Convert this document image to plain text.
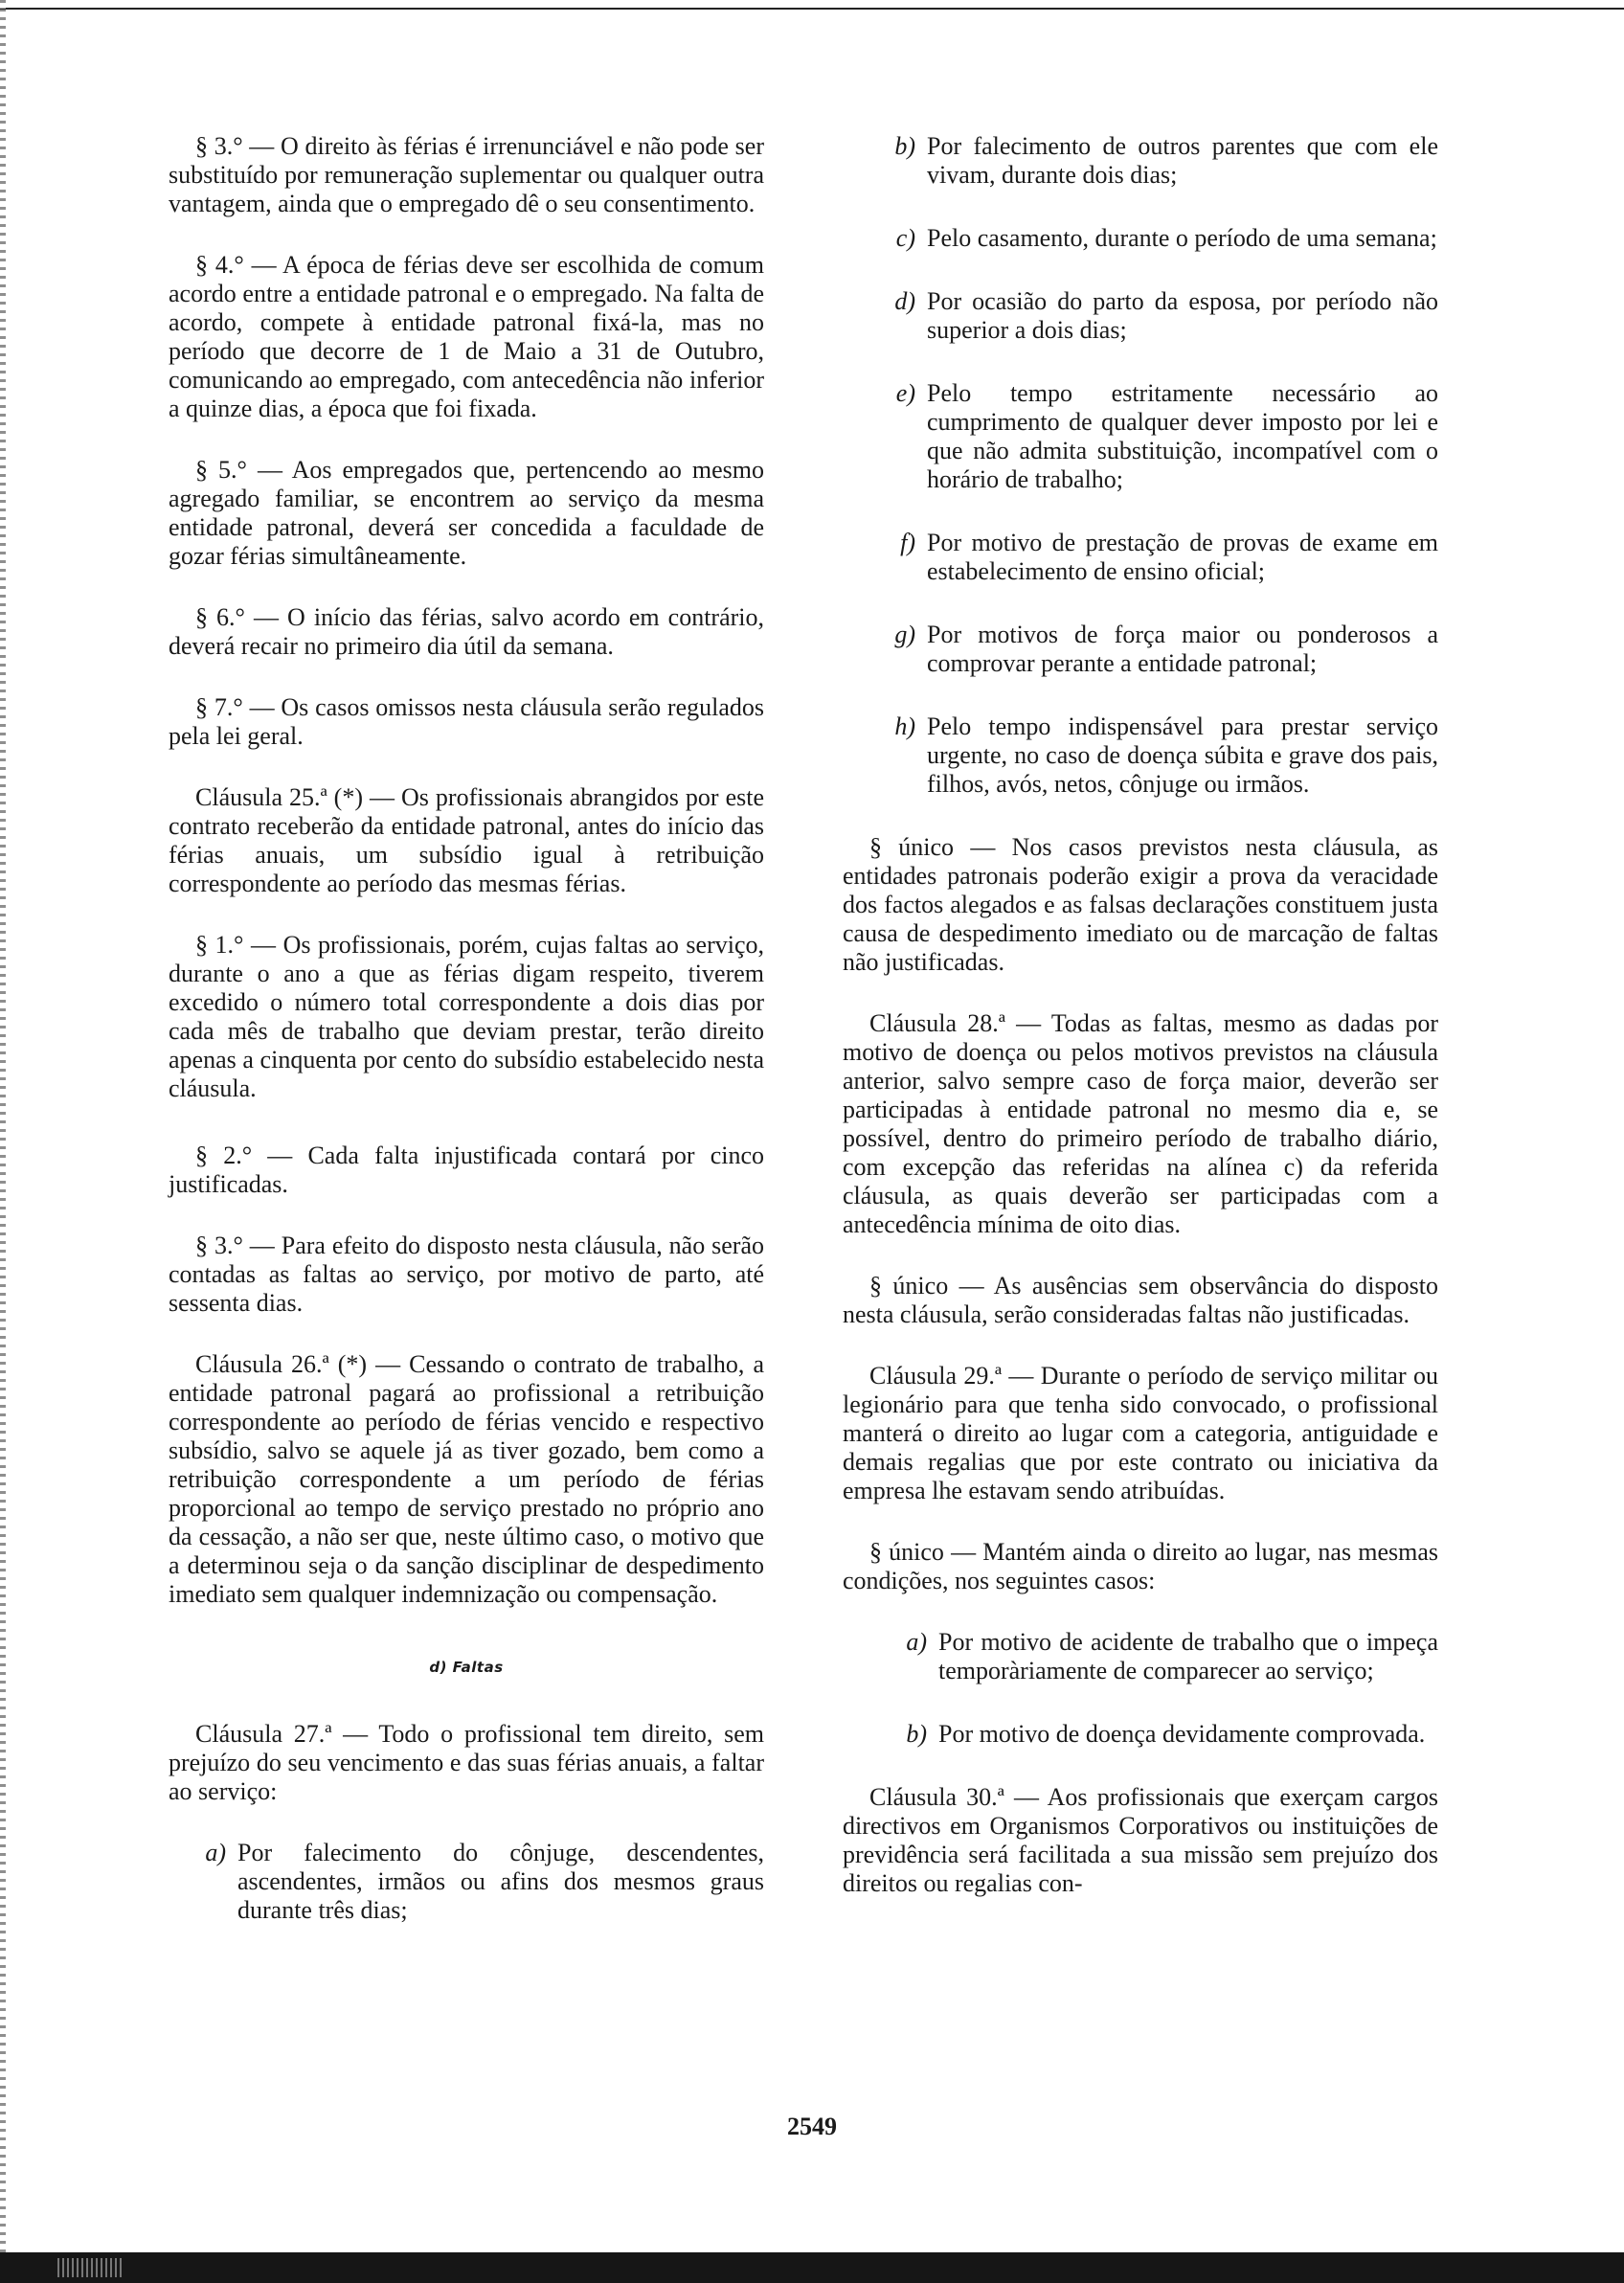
§ 3.° — O direito às férias é irrenunciável e não pode ser substituído por remuneração suplementar ou qualquer outra vantagem, ainda que o empregado dê o seu consentimento.

§ 4.° — A época de férias deve ser escolhida de comum acordo entre a entidade patronal e o empregado. Na falta de acordo, compete à entidade patronal fixá-la, mas no período que decorre de 1 de Maio a 31 de Outubro, comunicando ao empregado, com antecedência não inferior a quinze dias, a época que foi fixada.

§ 5.° — Aos empregados que, pertencendo ao mesmo agregado familiar, se encontrem ao serviço da mesma entidade patronal, deverá ser concedida a faculdade de gozar férias simultâneamente.

§ 6.° — O início das férias, salvo acordo em contrário, deverá recair no primeiro dia útil da semana.

§ 7.° — Os casos omissos nesta cláusula serão regulados pela lei geral.

Cláusula 25.ª (*) — Os profissionais abrangidos por este contrato receberão da entidade patronal, antes do início das férias anuais, um subsídio igual à retribuição correspondente ao período das mesmas férias.

§ 1.° — Os profissionais, porém, cujas faltas ao serviço, durante o ano a que as férias digam respeito, tiverem excedido o número total correspondente a dois dias por cada mês de trabalho que deviam prestar, terão direito apenas a cinquenta por cento do subsídio estabelecido nesta cláusula.

§ 2.° — Cada falta injustificada contará por cinco justificadas.

§ 3.° — Para efeito do disposto nesta cláusula, não serão contadas as faltas ao serviço, por motivo de parto, até sessenta dias.

Cláusula 26.ª (*) — Cessando o contrato de trabalho, a entidade patronal pagará ao profissional a retribuição correspondente ao período de férias vencido e respectivo subsídio, salvo se aquele já as tiver gozado, bem como a retribuição correspondente a um período de férias proporcional ao tempo de serviço prestado no próprio ano da cessação, a não ser que, neste último caso, o motivo que a determinou seja o da sanção disciplinar de despedimento imediato sem qualquer indemnização ou compensação.

d) Faltas

Cláusula 27.ª — Todo o profissional tem direito, sem prejuízo do seu vencimento e das suas férias anuais, a faltar ao serviço:

a) Por falecimento do cônjuge, descendentes, ascendentes, irmãos ou afins dos mesmos graus durante três dias;
b) Por falecimento de outros parentes que com ele vivam, durante dois dias;
c) Pelo casamento, durante o período de uma semana;
d) Por ocasião do parto da esposa, por período não superior a dois dias;
e) Pelo tempo estritamente necessário ao cumprimento de qualquer dever imposto por lei e que não admita substituição, incompatível com o horário de trabalho;
f) Por motivo de prestação de provas de exame em estabelecimento de ensino oficial;
g) Por motivos de força maior ou ponderosos a comprovar perante a entidade patronal;
h) Pelo tempo indispensável para prestar serviço urgente, no caso de doença súbita e grave dos pais, filhos, avós, netos, cônjuge ou irmãos.

§ único — Nos casos previstos nesta cláusula, as entidades patronais poderão exigir a prova da veracidade dos factos alegados e as falsas declarações constituem justa causa de despedimento imediato ou de marcação de faltas não justificadas.

Cláusula 28.ª — Todas as faltas, mesmo as dadas por motivo de doença ou pelos motivos previstos na cláusula anterior, salvo sempre caso de força maior, deverão ser participadas à entidade patronal no mesmo dia e, se possível, dentro do primeiro período de trabalho diário, com excepção das referidas na alínea c) da referida cláusula, as quais deverão ser participadas com a antecedência mínima de oito dias.

§ único — As ausências sem observância do disposto nesta cláusula, serão consideradas faltas não justificadas.

Cláusula 29.ª — Durante o período de serviço militar ou legionário para que tenha sido convocado, o profissional manterá o direito ao lugar com a categoria, antiguidade e demais regalias que por este contrato ou iniciativa da empresa lhe estavam sendo atribuídas.

§ único — Mantém ainda o direito ao lugar, nas mesmas condições, nos seguintes casos:

a) Por motivo de acidente de trabalho que o impeça temporàriamente de comparecer ao serviço;
b) Por motivo de doença devidamente comprovada.

Cláusula 30.ª — Aos profissionais que exerçam cargos directivos em Organismos Corporativos ou instituições de previdência será facilitada a sua missão sem prejuízo dos direitos ou regalias con-

2549
